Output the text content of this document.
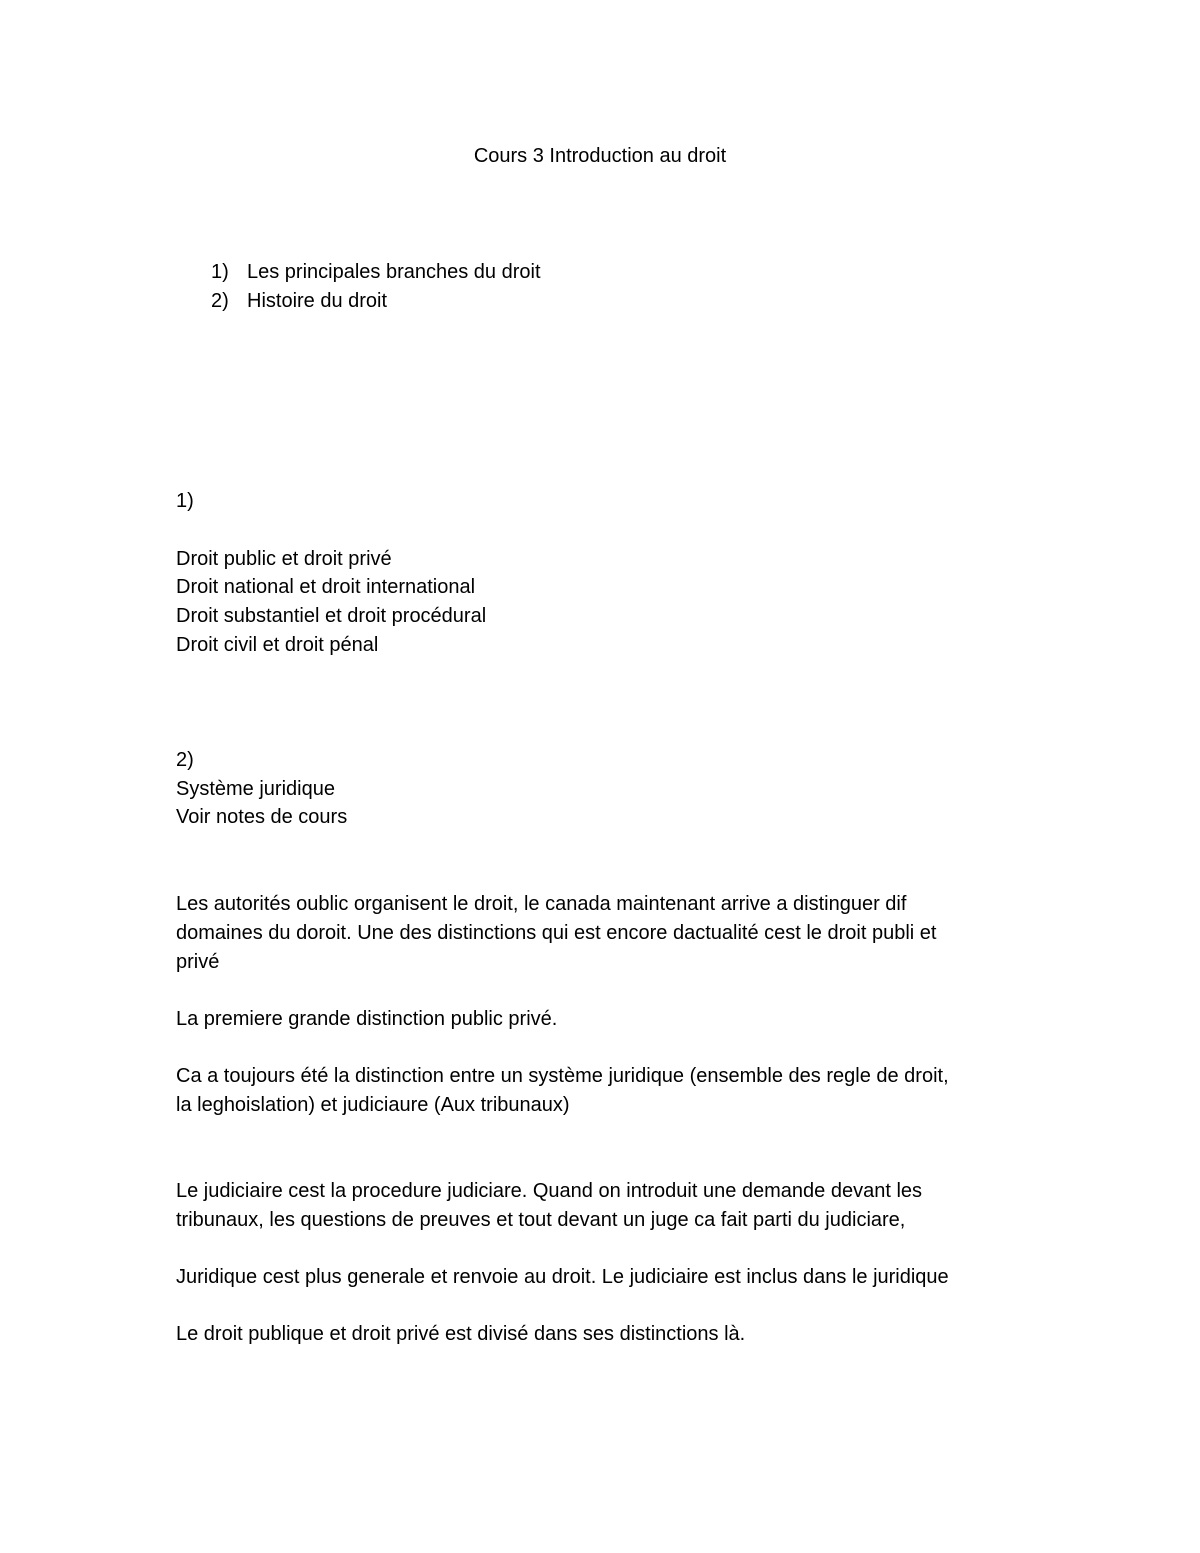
Cours 3 Introduction au droit
1) Les principales branches du droit
2) Histoire du droit
1)
Droit public et droit privé
Droit national et droit international
Droit substantiel et droit procédural
Droit civil et droit pénal
2)
Système juridique
Voir notes de cours
Les autorités oublic organisent le droit, le canada maintenant arrive a distinguer dif
domaines du doroit. Une des distinctions qui est encore dactualité cest le droit publi et
privé
La premiere grande distinction public privé.
Ca a toujours été la distinction entre un système juridique (ensemble des regle de droit,
la leghoislation) et judiciaure (Aux tribunaux)
Le judiciaire cest la procedure judiciare. Quand on introduit une demande devant les
tribunaux, les questions de preuves et tout devant un juge ca fait parti du judiciare,
Juridique cest plus generale et renvoie au droit. Le judiciaire est inclus dans le juridique
Le droit publique et droit privé est divisé dans ses distinctions là.
